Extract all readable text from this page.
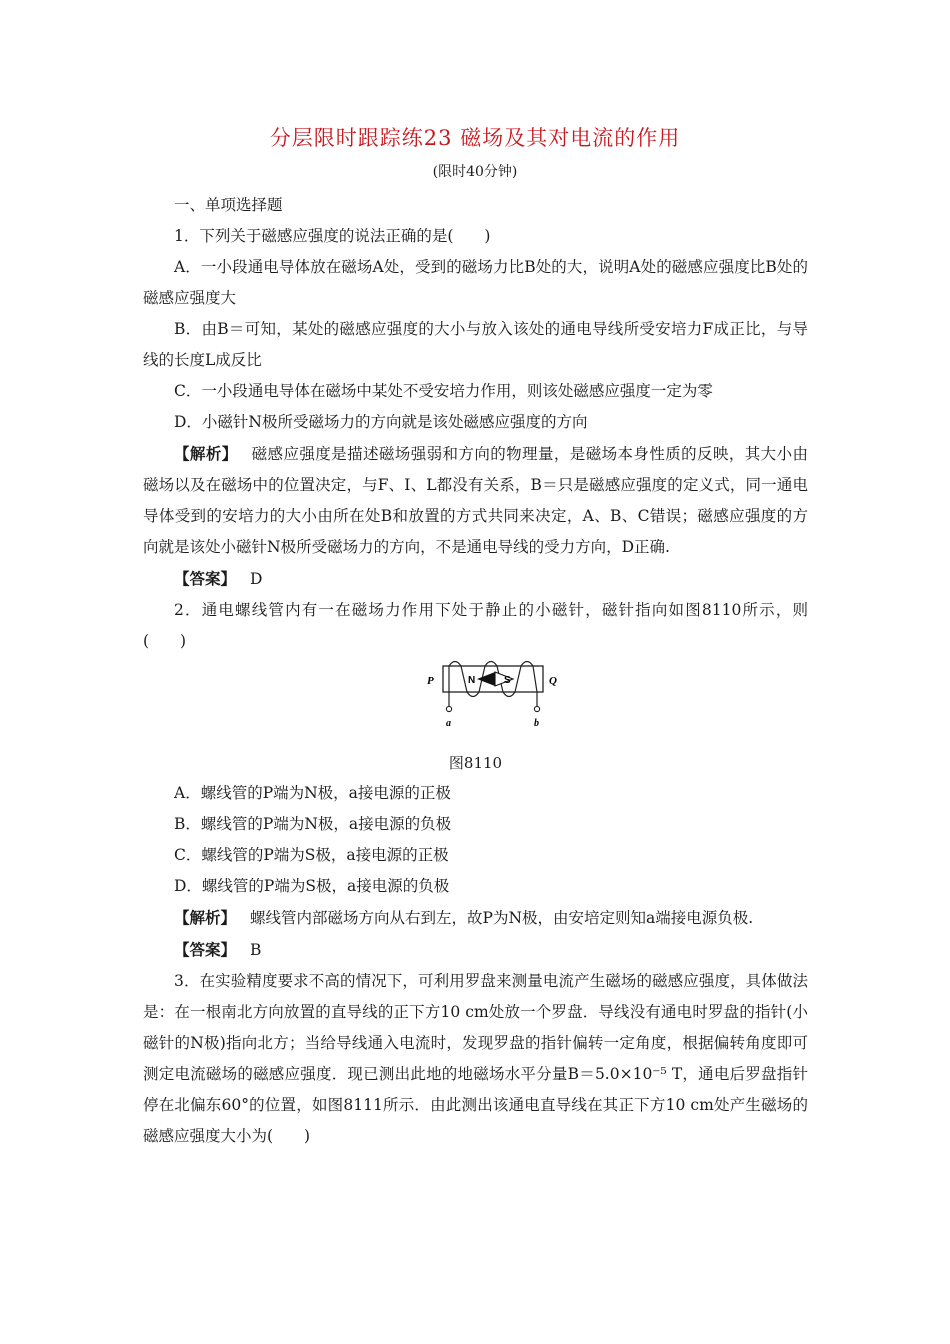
分层限时跟踪练23 磁场及其对电流的作用
(限时40分钟)

一、单项选择题

1．下列关于磁感应强度的说法正确的是(　　)

A．一小段通电导体放在磁场A处，受到的磁场力比B处的大，说明A处的磁感应强度比B处的磁感应强度大

B．由B＝可知，某处的磁感应强度的大小与放入该处的通电导线所受安培力F成正比，与导线的长度L成反比

C．一小段通电导体在磁场中某处不受安培力作用，则该处磁感应强度一定为零

D．小磁针N极所受磁场力的方向就是该处磁感应强度的方向

【解析】 磁感应强度是描述磁场强弱和方向的物理量，是磁场本身性质的反映，其大小由磁场以及在磁场中的位置决定，与F、I、L都没有关系，B＝只是磁感应强度的定义式，同一通电导体受到的安培力的大小由所在处B和放置的方式共同来决定，A、B、C错误；磁感应强度的方向就是该处小磁针N极所受磁场力的方向，不是通电导线的受力方向，D正确.

【答案】 D

2．通电螺线管内有一在磁场力作用下处于静止的小磁针，磁针指向如图8110所示，则(　　)

P	Q
N	S
a	b
图8110

A．螺线管的P端为N极，a接电源的正极

B．螺线管的P端为N极，a接电源的负极

C．螺线管的P端为S极，a接电源的正极

D．螺线管的P端为S极，a接电源的负极

【解析】 螺线管内部磁场方向从右到左，故P为N极，由安培定则知a端接电源负极.

【答案】 B

3．在实验精度要求不高的情况下，可利用罗盘来测量电流产生磁场的磁感应强度，具体做法是：在一根南北方向放置的直导线的正下方10 cm处放一个罗盘．导线没有通电时罗盘的指针(小磁针的N极)指向北方；当给导线通入电流时，发现罗盘的指针偏转一定角度，根据偏转角度即可测定电流磁场的磁感应强度．现已测出此地的地磁场水平分量B＝5.0×10⁻⁵ T，通电后罗盘指针停在北偏东60°的位置，如图8111所示．由此测出该通电直导线在其正下方10 cm处产生磁场的磁感应强度大小为(　　)
